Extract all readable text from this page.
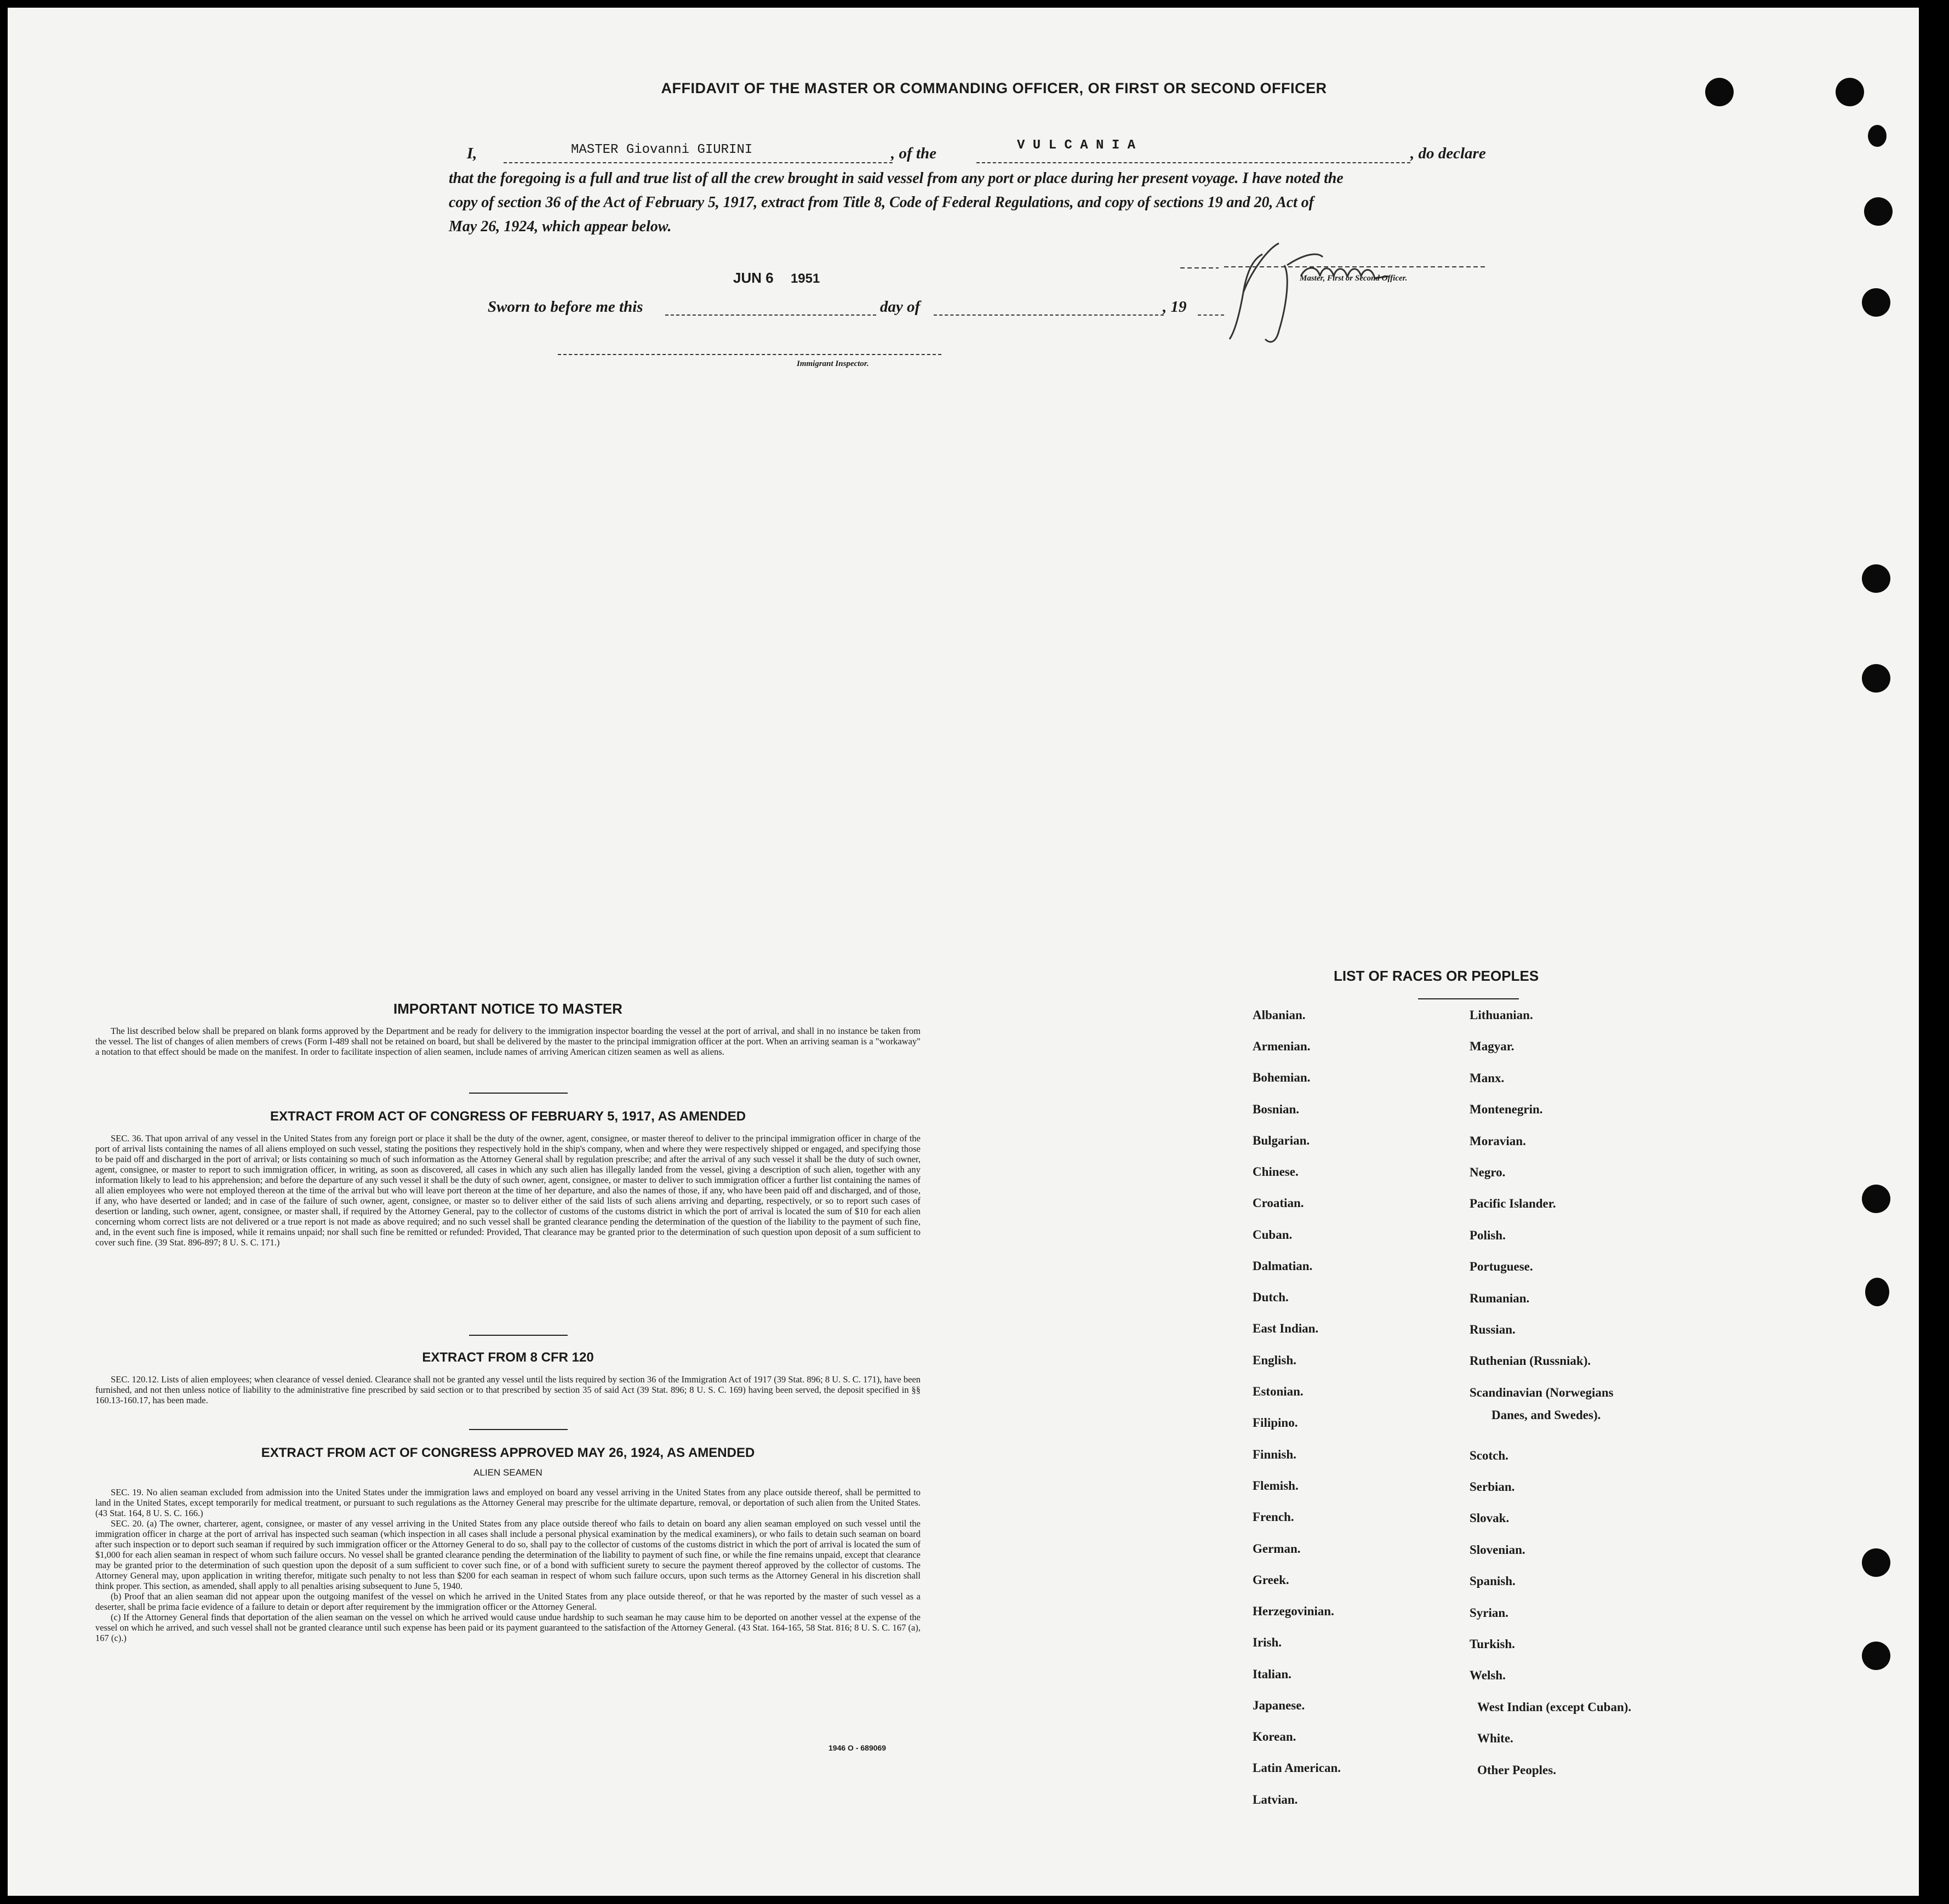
AFFIDAVIT OF THE MASTER OR COMMANDING OFFICER, OR FIRST OR SECOND OFFICER
I,	MASTER Giovanni GIURINI	, of the	V U L C A N I A	, do declare
that the foregoing is a full and true list of all the crew brought in said vessel from any port or place during her present voyage. I have noted the
copy of section 36 of the Act of February 5, 1917, extract from Title 8, Code of Federal Regulations, and copy of sections 19 and 20, Act of
May 26, 1924, which appear below.
Master, First or Second Officer.
JUN 6 1951
Sworn to before me this	day of	, 19
Immigrant Inspector.
IMPORTANT NOTICE TO MASTER

The list described below shall be prepared on blank forms approved by the Department and be ready for delivery to the immigration inspector boarding the vessel at the port of arrival, and shall in no instance be taken from the vessel. The list of changes of alien members of crews (Form I-489 shall not be retained on board, but shall be delivered by the master to the principal immigration officer at the port. When an arriving seaman is a "workaway" a notation to that effect should be made on the manifest. In order to facilitate inspection of alien seamen, include names of arriving American citizen seamen as well as aliens.

EXTRACT FROM ACT OF CONGRESS OF FEBRUARY 5, 1917, AS AMENDED

SEC. 36. That upon arrival of any vessel in the United States from any foreign port or place it shall be the duty of the owner, agent, consignee, or master thereof to deliver to the principal immigration officer in charge of the port of arrival lists containing the names of all aliens employed on such vessel, stating the positions they respectively hold in the ship's company, when and where they were respectively shipped or engaged, and specifying those to be paid off and discharged in the port of arrival; or lists containing so much of such information as the Attorney General shall by regulation prescribe; and after the arrival of any such vessel it shall be the duty of such owner, agent, consignee, or master to report to such immigration officer, in writing, as soon as discovered, all cases in which any such alien has illegally landed from the vessel, giving a description of such alien, together with any information likely to lead to his apprehension; and before the departure of any such vessel it shall be the duty of such owner, agent, consignee, or master to deliver to such immigration officer a further list containing the names of all alien employees who were not employed thereon at the time of the arrival but who will leave port thereon at the time of her departure, and also the names of those, if any, who have been paid off and discharged, and of those, if any, who have deserted or landed; and in case of the failure of such owner, agent, consignee, or master so to deliver either of the said lists of such aliens arriving and departing, respectively, or so to report such cases of desertion or landing, such owner, agent, consignee, or master shall, if required by the Attorney General, pay to the collector of customs of the customs district in which the port of arrival is located the sum of $10 for each alien concerning whom correct lists are not delivered or a true report is not made as above required; and no such vessel shall be granted clearance pending the determination of the question of the liability to the payment of such fine, and, in the event such fine is imposed, while it remains unpaid; nor shall such fine be remitted or refunded: Provided, That clearance may be granted prior to the determination of such question upon deposit of a sum sufficient to cover such fine. (39 Stat. 896-897; 8 U. S. C. 171.)

EXTRACT FROM 8 CFR 120

SEC. 120.12. Lists of alien employees; when clearance of vessel denied. Clearance shall not be granted any vessel until the lists required by section 36 of the Immigration Act of 1917 (39 Stat. 896; 8 U. S. C. 171), have been furnished, and not then unless notice of liability to the administrative fine prescribed by said section or to that prescribed by section 35 of said Act (39 Stat. 896; 8 U. S. C. 169) having been served, the deposit specified in §§ 160.13-160.17, has been made.

EXTRACT FROM ACT OF CONGRESS APPROVED MAY 26, 1924, AS AMENDED
ALIEN SEAMEN

SEC. 19. No alien seaman excluded from admission into the United States under the immigration laws and employed on board any vessel arriving in the United States from any place outside thereof, shall be permitted to land in the United States, except temporarily for medical treatment, or pursuant to such regulations as the Attorney General may prescribe for the ultimate departure, removal, or deportation of such alien from the United States. (43 Stat. 164, 8 U. S. C. 166.)

SEC. 20. (a) The owner, charterer, agent, consignee, or master of any vessel arriving in the United States from any place outside thereof who fails to detain on board any alien seaman employed on such vessel until the immigration officer in charge at the port of arrival has inspected such seaman (which inspection in all cases shall include a personal physical examination by the medical examiners), or who fails to detain such seaman on board after such inspection or to deport such seaman if required by such immigration officer or the Attorney General to do so, shall pay to the collector of customs of the customs district in which the port of arrival is located the sum of $1,000 for each alien seaman in respect of whom such failure occurs. No vessel shall be granted clearance pending the determination of the liability to payment of such fine, or while the fine remains unpaid, except that clearance may be granted prior to the determination of such question upon the deposit of a sum sufficient to cover such fine, or of a bond with sufficient surety to secure the payment thereof approved by the collector of customs. The Attorney General may, upon application in writing therefor, mitigate such penalty to not less than $200 for each seaman in respect of whom such failure occurs, upon such terms as the Attorney General in his discretion shall think proper. This section, as amended, shall apply to all penalties arising subsequent to June 5, 1940.

(b) Proof that an alien seaman did not appear upon the outgoing manifest of the vessel on which he arrived in the United States from any place outside thereof, or that he was reported by the master of such vessel as a deserter, shall be prima facie evidence of a failure to detain or deport after requirement by the immigration officer or the Attorney General.

(c) If the Attorney General finds that deportation of the alien seaman on the vessel on which he arrived would cause undue hardship to such seaman he may cause him to be deported on another vessel at the expense of the vessel on which he arrived, and such vessel shall not be granted clearance until such expense has been paid or its payment guaranteed to the satisfaction of the Attorney General. (43 Stat. 164-165, 58 Stat. 816; 8 U. S. C. 167 (a), 167 (c).)

1946 O - 689069
LIST OF RACES OR PEOPLES
Danes, and Swedes).
Albanian.
Armenian.
Bohemian.
Bosnian.
Bulgarian.
Chinese.
Croatian.
Cuban.
Dalmatian.
Dutch.
East Indian.
English.
Estonian.
Filipino.
Finnish.
Flemish.
French.
German.
Greek.
Herzegovinian.
Irish.
Italian.
Japanese.
Korean.
Latin American.
Latvian.
Lithuanian.
Magyar.
Manx.
Montenegrin.
Moravian.
Negro.
Pacific Islander.
Polish.
Portuguese.
Rumanian.
Russian.
Ruthenian (Russniak).
Scandinavian (Norwegians
Scotch.
Serbian.
Slovak.
Slovenian.
Spanish.
Syrian.
Turkish.
Welsh.
West Indian (except Cuban).
White.
Other Peoples.
